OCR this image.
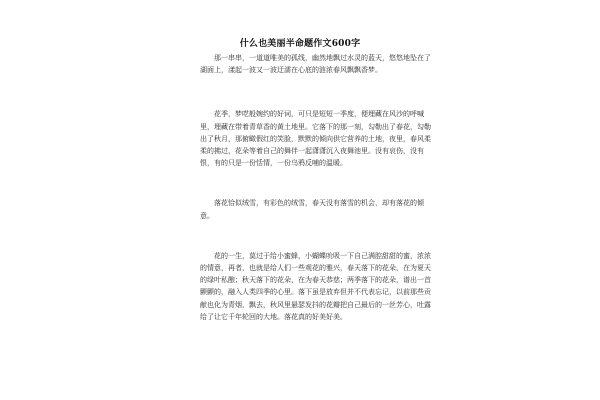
什么也美丽半命题作文600字

那一串串，一道道唯美的孤线，幽然地飘过水灵的蓝天，悠悠地坠在了湖面上，漾起一波又一波迂濡在心底的涟浓春风飘飘香梦。

花季，梦呓般婉约的好词，可只是短短一季度，便埋藏在风沙的呼喊里，埋藏在带着青草香的黄土地里。它落下的那一刻，勾勒出了春花，勾勒出了秋月，那俯瞰假红的笑脸，默默的倾向供它营养的土地，夜里，春风柔柔的拂过，花朵等着自己的舞伴一起潇潇沉入夜舞池里。没有哀伤，没有恨，有的只是一份恬情，一份乌鸦反哺的温暖。

落花恰似绒雪，有彩色的绒雪，春天没有落雪的机会，却有落花的倾意。

花的一生，莫过于给小蜜蜂，小蝴蝶吮吸一下自己满腔甜甜的蜜，浓浓的情意，再者，也就是给人们一些观花的雅兴，春天落下的花朵，在为夏天的绿叶私酿；秋天落下的花朵，在为春天恭慈；两季落下的花朵，谱出一首颤颤的，融入人类四季的心里。落下虽是放弃但并不代表忘记，以前那些贡献也化为青烟，飘去，秋风里悬瑟发抖的花瓣把自己最后的一丝芳心，吐露给了让它千年轮回的大地。落花真的好美好美。
